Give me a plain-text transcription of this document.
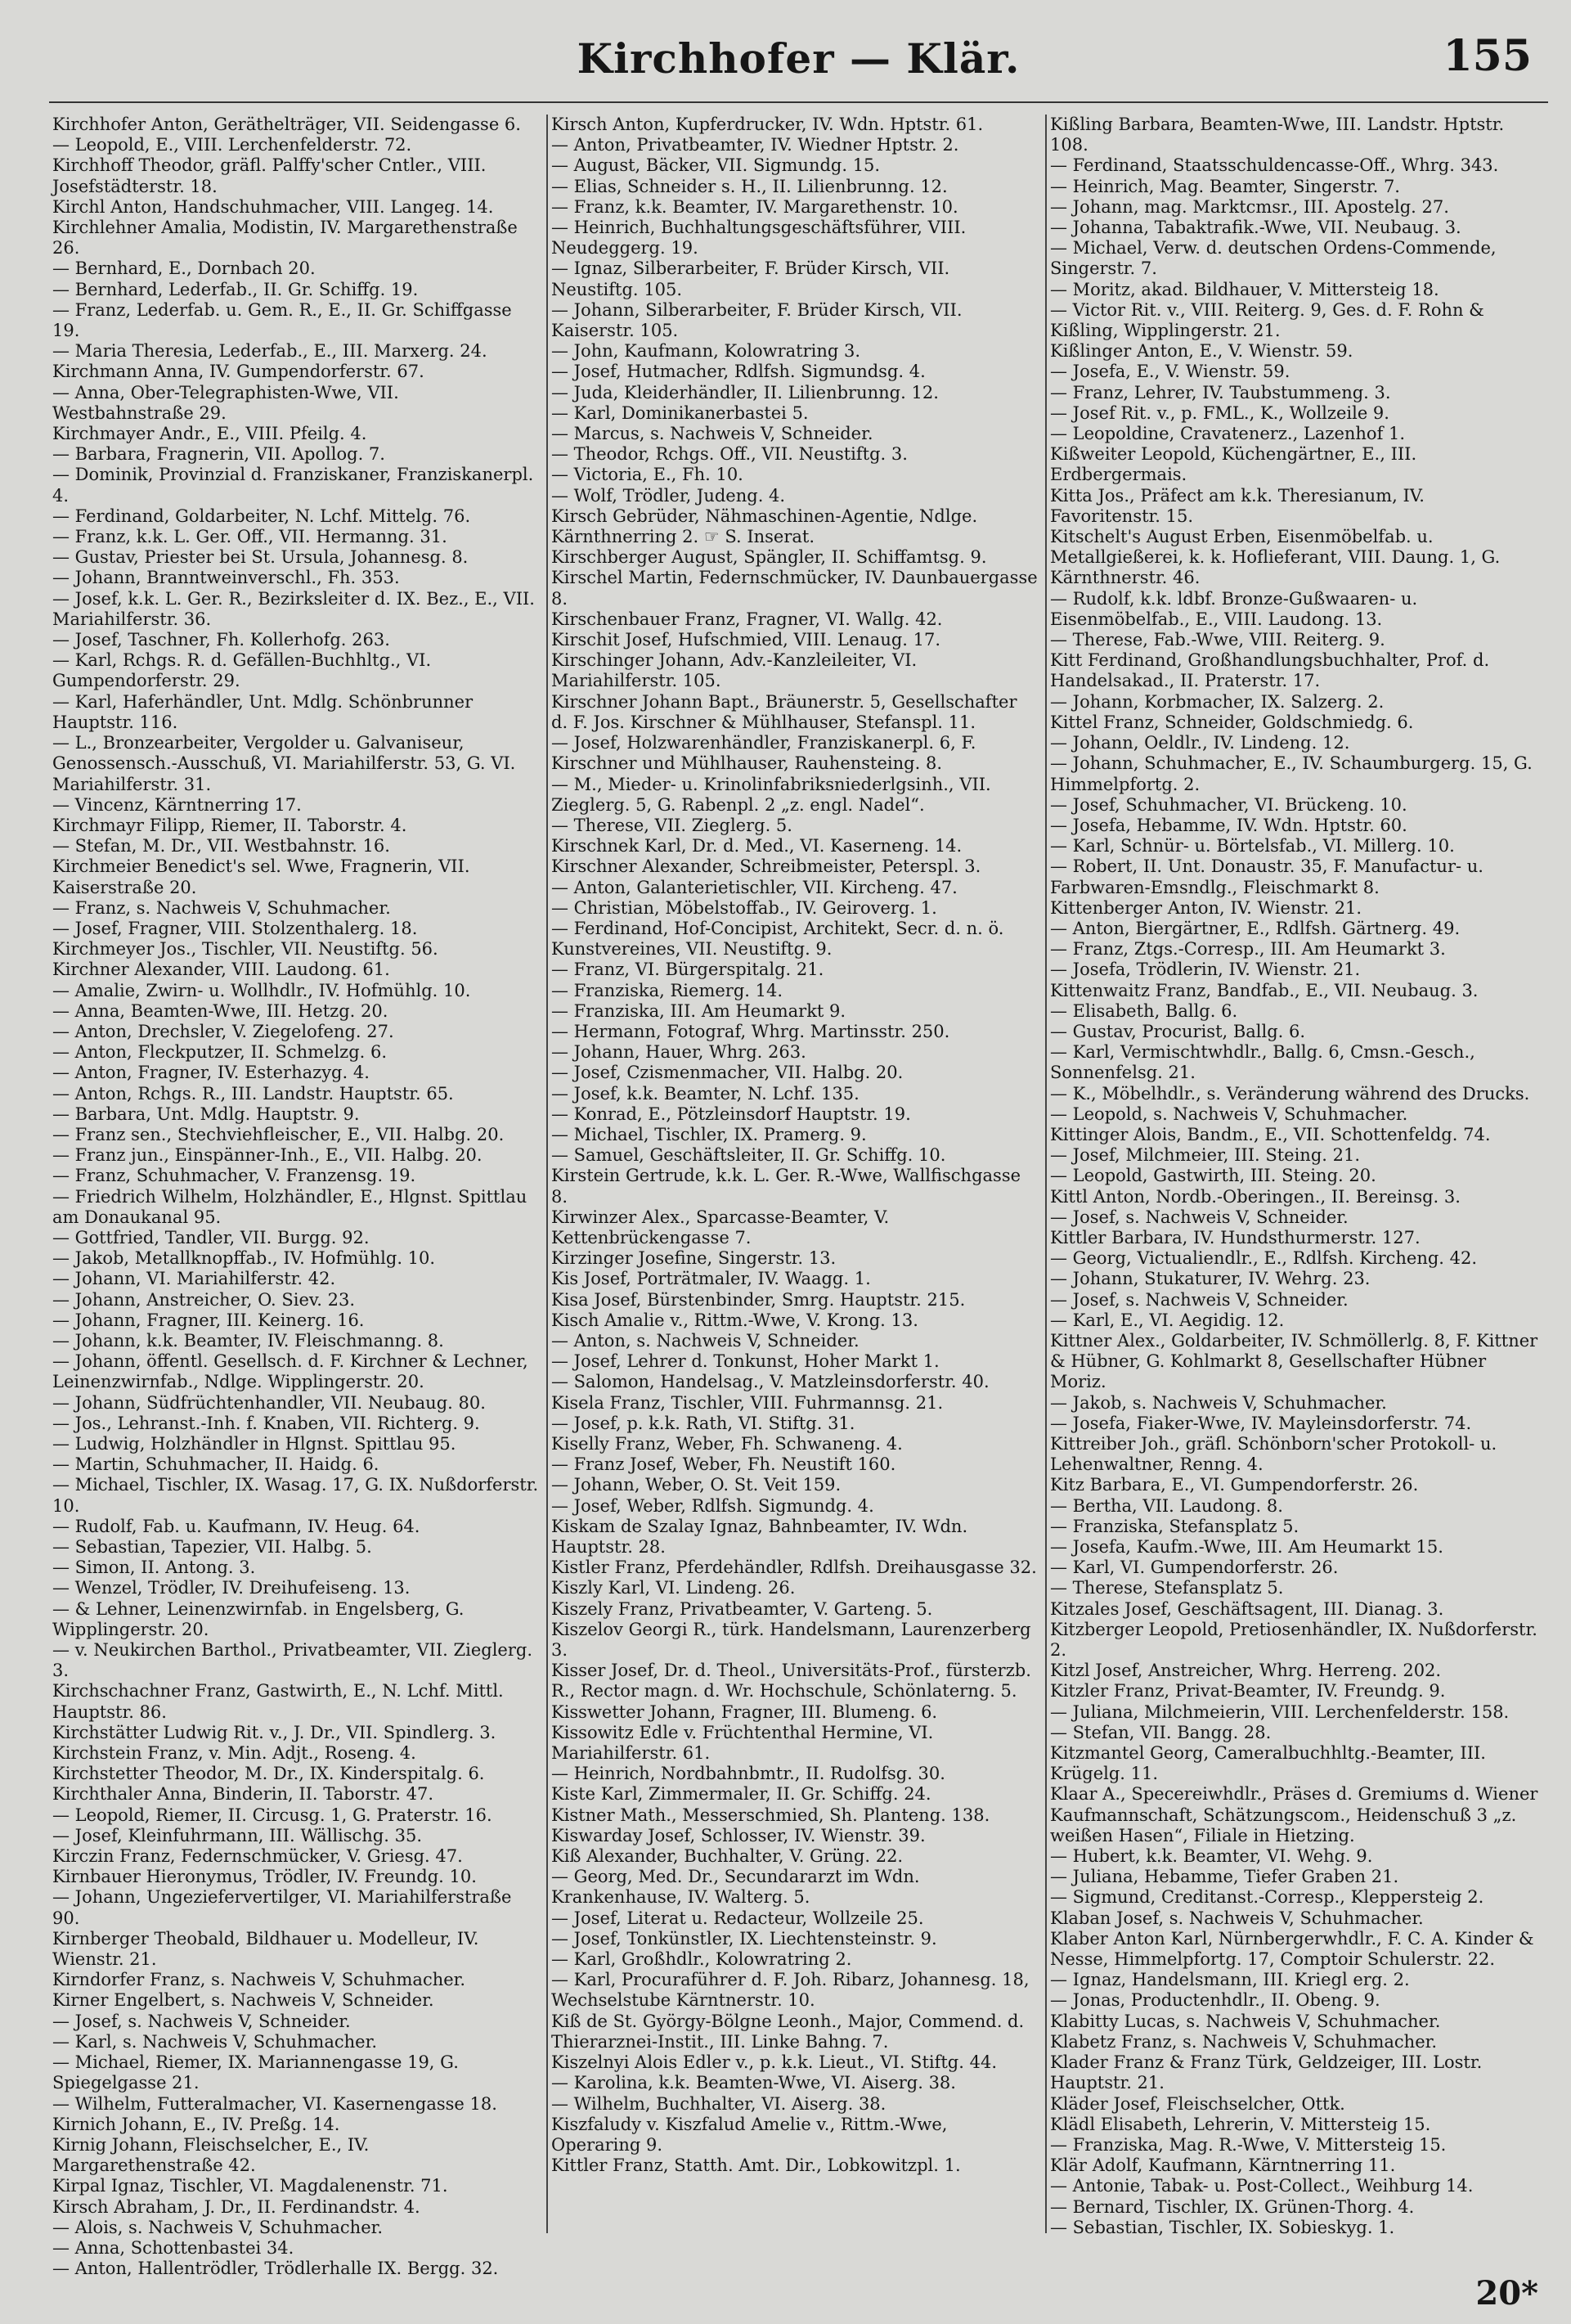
Kirchhofer — Klär.	155

Kirchhofer Anton, Geräthelträger, VII. Seidengasse 6.

— Leopold, E., VIII. Lerchenfelderstr. 72.

Kirchhoff Theodor, gräfl. Palffy'scher Cntler., VIII. Josefstädterstr. 18.

Kirchl Anton, Handschuhmacher, VIII. Langeg. 14.

Kirchlehner Amalia, Modistin, IV. Margarethenstraße 26.

— Bernhard, E., Dornbach 20.

— Bernhard, Lederfab., II. Gr. Schiffg. 19.

— Franz, Lederfab. u. Gem. R., E., II. Gr. Schiffgasse 19.

— Maria Theresia, Lederfab., E., III. Marxerg. 24.

Kirchmann Anna, IV. Gumpendorferstr. 67.

— Anna, Ober-Telegraphisten-Wwe, VII. Westbahnstraße 29.

Kirchmayer Andr., E., VIII. Pfeilg. 4.

— Barbara, Fragnerin, VII. Apollog. 7.

— Dominik, Provinzial d. Franziskaner, Franziskanerpl. 4.

— Ferdinand, Goldarbeiter, N. Lchf. Mittelg. 76.

— Franz, k.k. L. Ger. Off., VII. Hermanng. 31.

— Gustav, Priester bei St. Ursula, Johannesg. 8.

— Johann, Branntweinverschl., Fh. 353.

— Josef, k.k. L. Ger. R., Bezirksleiter d. IX. Bez., E., VII. Mariahilferstr. 36.

— Josef, Taschner, Fh. Kollerhofg. 263.

— Karl, Rchgs. R. d. Gefällen-Buchhltg., VI. Gumpendorferstr. 29.

— Karl, Haferhändler, Unt. Mdlg. Schönbrunner Hauptstr. 116.

— L., Bronzearbeiter, Vergolder u. Galvaniseur, Genossensch.-Ausschuß, VI. Mariahilferstr. 53, G. VI. Mariahilferstr. 31.

— Vincenz, Kärntnerring 17.

Kirchmayr Filipp, Riemer, II. Taborstr. 4.

— Stefan, M. Dr., VII. Westbahnstr. 16.

Kirchmeier Benedict's sel. Wwe, Fragnerin, VII. Kaiserstraße 20.

— Franz, s. Nachweis V, Schuhmacher.

— Josef, Fragner, VIII. Stolzenthalerg. 18.

Kirchmeyer Jos., Tischler, VII. Neustiftg. 56.

Kirchner Alexander, VIII. Laudong. 61.

— Amalie, Zwirn- u. Wollhdlr., IV. Hofmühlg. 10.

— Anna, Beamten-Wwe, III. Hetzg. 20.

— Anton, Drechsler, V. Ziegelofeng. 27.

— Anton, Fleckputzer, II. Schmelzg. 6.

— Anton, Fragner, IV. Esterhazyg. 4.

— Anton, Rchgs. R., III. Landstr. Hauptstr. 65.

— Barbara, Unt. Mdlg. Hauptstr. 9.

— Franz sen., Stechviehfleischer, E., VII. Halbg. 20.

— Franz jun., Einspänner-Inh., E., VII. Halbg. 20.

— Franz, Schuhmacher, V. Franzensg. 19.

— Friedrich Wilhelm, Holzhändler, E., Hlgnst. Spittlau am Donaukanal 95.

— Gottfried, Tandler, VII. Burgg. 92.

— Jakob, Metallknopffab., IV. Hofmühlg. 10.

— Johann, VI. Mariahilferstr. 42.

— Johann, Anstreicher, O. Siev. 23.

— Johann, Fragner, III. Keinerg. 16.

— Johann, k.k. Beamter, IV. Fleischmanng. 8.

— Johann, öffentl. Gesellsch. d. F. Kirchner & Lechner, Leinenzwirnfab., Ndlge. Wipplingerstr. 20.

— Johann, Südfrüchtenhandler, VII. Neubaug. 80.

— Jos., Lehranst.-Inh. f. Knaben, VII. Richterg. 9.

— Ludwig, Holzhändler in Hlgnst. Spittlau 95.

— Martin, Schuhmacher, II. Haidg. 6.

— Michael, Tischler, IX. Wasag. 17, G. IX. Nußdorferstr. 10.

— Rudolf, Fab. u. Kaufmann, IV. Heug. 64.

— Sebastian, Tapezier, VII. Halbg. 5.

— Simon, II. Antong. 3.

— Wenzel, Trödler, IV. Dreihufeiseng. 13.

— & Lehner, Leinenzwirnfab. in Engelsberg, G. Wipplingerstr. 20.

— v. Neukirchen Barthol., Privatbeamter, VII. Zieglerg. 3.

Kirchschachner Franz, Gastwirth, E., N. Lchf. Mittl. Hauptstr. 86.

Kirchstätter Ludwig Rit. v., J. Dr., VII. Spindlerg. 3.

Kirchstein Franz, v. Min. Adjt., Roseng. 4.

Kirchstetter Theodor, M. Dr., IX. Kinderspitalg. 6.

Kirchthaler Anna, Binderin, II. Taborstr. 47.

— Leopold, Riemer, II. Circusg. 1, G. Praterstr. 16.

— Josef, Kleinfuhrmann, III. Wällischg. 35.

Kirczin Franz, Federnschmücker, V. Griesg. 47.

Kirnbauer Hieronymus, Trödler, IV. Freundg. 10.

— Johann, Ungeziefervertilger, VI. Mariahilferstraße 90.

Kirnberger Theobald, Bildhauer u. Modelleur, IV. Wienstr. 21.

Kirndorfer Franz, s. Nachweis V, Schuhmacher.

Kirner Engelbert, s. Nachweis V, Schneider.

— Josef, s. Nachweis V, Schneider.

— Karl, s. Nachweis V, Schuhmacher.

— Michael, Riemer, IX. Mariannengasse 19, G. Spiegelgasse 21.

— Wilhelm, Futteralmacher, VI. Kasernengasse 18.

Kirnich Johann, E., IV. Preßg. 14.

Kirnig Johann, Fleischselcher, E., IV. Margarethenstraße 42.

Kirpal Ignaz, Tischler, VI. Magdalenenstr. 71.

Kirsch Abraham, J. Dr., II. Ferdinandstr. 4.

— Alois, s. Nachweis V, Schuhmacher.

— Anna, Schottenbastei 34.

— Anton, Hallentrödler, Trödlerhalle IX. Bergg. 32.

Kirsch Anton, Kupferdrucker, IV. Wdn. Hptstr. 61.

— Anton, Privatbeamter, IV. Wiedner Hptstr. 2.

— August, Bäcker, VII. Sigmundg. 15.

— Elias, Schneider s. H., II. Lilienbrunng. 12.

— Franz, k.k. Beamter, IV. Margarethenstr. 10.

— Heinrich, Buchhaltungsgeschäftsführer, VIII. Neudeggerg. 19.

— Ignaz, Silberarbeiter, F. Brüder Kirsch, VII. Neustiftg. 105.

— Johann, Silberarbeiter, F. Brüder Kirsch, VII. Kaiserstr. 105.

— John, Kaufmann, Kolowratring 3.

— Josef, Hutmacher, Rdlfsh. Sigmundsg. 4.

— Juda, Kleiderhändler, II. Lilienbrunng. 12.

— Karl, Dominikanerbastei 5.

— Marcus, s. Nachweis V, Schneider.

— Theodor, Rchgs. Off., VII. Neustiftg. 3.

— Victoria, E., Fh. 10.

— Wolf, Trödler, Judeng. 4.

Kirsch Gebrüder, Nähmaschinen-Agentie, Ndlge. Kärnthnerring 2. ☞ S. Inserat.

Kirschberger August, Spängler, II. Schiffamtsg. 9.

Kirschel Martin, Federnschmücker, IV. Daunbauergasse 8.

Kirschenbauer Franz, Fragner, VI. Wallg. 42.

Kirschit Josef, Hufschmied, VIII. Lenaug. 17.

Kirschinger Johann, Adv.-Kanzleileiter, VI. Mariahilferstr. 105.

Kirschner Johann Bapt., Bräunerstr. 5, Gesellschafter d. F. Jos. Kirschner & Mühlhauser, Stefanspl. 11.

— Josef, Holzwarenhändler, Franziskanerpl. 6, F. Kirschner und Mühlhauser, Rauhensteing. 8.

— M., Mieder- u. Krinolinfabriksniederlgsinh., VII. Zieglerg. 5, G. Rabenpl. 2 „z. engl. Nadel“.

— Therese, VII. Zieglerg. 5.

Kirschnek Karl, Dr. d. Med., VI. Kaserneng. 14.

Kirschner Alexander, Schreibmeister, Peterspl. 3.

— Anton, Galanterietischler, VII. Kircheng. 47.

— Christian, Möbelstoffab., IV. Geiroverg. 1.

— Ferdinand, Hof-Concipist, Architekt, Secr. d. n. ö. Kunstvereines, VII. Neustiftg. 9.

— Franz, VI. Bürgerspitalg. 21.

— Franziska, Riemerg. 14.

— Franziska, III. Am Heumarkt 9.

— Hermann, Fotograf, Whrg. Martinsstr. 250.

— Johann, Hauer, Whrg. 263.

— Josef, Czismenmacher, VII. Halbg. 20.

— Josef, k.k. Beamter, N. Lchf. 135.

— Konrad, E., Pötzleinsdorf Hauptstr. 19.

— Michael, Tischler, IX. Pramerg. 9.

— Samuel, Geschäftsleiter, II. Gr. Schiffg. 10.

Kirstein Gertrude, k.k. L. Ger. R.-Wwe, Wallfischgasse 8.

Kirwinzer Alex., Sparcasse-Beamter, V. Kettenbrückengasse 7.

Kirzinger Josefine, Singerstr. 13.

Kis Josef, Porträtmaler, IV. Waagg. 1.

Kisa Josef, Bürstenbinder, Smrg. Hauptstr. 215.

Kisch Amalie v., Rittm.-Wwe, V. Krong. 13.

— Anton, s. Nachweis V, Schneider.

— Josef, Lehrer d. Tonkunst, Hoher Markt 1.

— Salomon, Handelsag., V. Matzleinsdorferstr. 40.

Kisela Franz, Tischler, VIII. Fuhrmannsg. 21.

— Josef, p. k.k. Rath, VI. Stiftg. 31.

Kiselly Franz, Weber, Fh. Schwaneng. 4.

— Franz Josef, Weber, Fh. Neustift 160.

— Johann, Weber, O. St. Veit 159.

— Josef, Weber, Rdlfsh. Sigmundg. 4.

Kiskam de Szalay Ignaz, Bahnbeamter, IV. Wdn. Hauptstr. 28.

Kistler Franz, Pferdehändler, Rdlfsh. Dreihausgasse 32.

Kiszly Karl, VI. Lindeng. 26.

Kiszely Franz, Privatbeamter, V. Garteng. 5.

Kiszelov Georgi R., türk. Handelsmann, Laurenzerberg 3.

Kisser Josef, Dr. d. Theol., Universitäts-Prof., fürsterzb. R., Rector magn. d. Wr. Hochschule, Schönlaterng. 5.

Kisswetter Johann, Fragner, III. Blumeng. 6.

Kissowitz Edle v. Früchtenthal Hermine, VI. Mariahilferstr. 61.

— Heinrich, Nordbahnbmtr., II. Rudolfsg. 30.

Kiste Karl, Zimmermaler, II. Gr. Schiffg. 24.

Kistner Math., Messerschmied, Sh. Planteng. 138.

Kiswarday Josef, Schlosser, IV. Wienstr. 39.

Kiß Alexander, Buchhalter, V. Grüng. 22.

— Georg, Med. Dr., Secundararzt im Wdn. Krankenhause, IV. Walterg. 5.

— Josef, Literat u. Redacteur, Wollzeile 25.

— Josef, Tonkünstler, IX. Liechtensteinstr. 9.

— Karl, Großhdlr., Kolowratring 2.

— Karl, Procuraführer d. F. Joh. Ribarz, Johannesg. 18, Wechselstube Kärntnerstr. 10.

Kiß de St. György-Bölgne Leonh., Major, Commend. d. Thierarznei-Instit., III. Linke Bahng. 7.

Kiszelnyi Alois Edler v., p. k.k. Lieut., VI. Stiftg. 44.

— Karolina, k.k. Beamten-Wwe, VI. Aiserg. 38.

— Wilhelm, Buchhalter, VI. Aiserg. 38.

Kiszfaludy v. Kiszfalud Amelie v., Rittm.-Wwe, Operaring 9.

Kittler Franz, Statth. Amt. Dir., Lobkowitzpl. 1.

Kißling Barbara, Beamten-Wwe, III. Landstr. Hptstr. 108.

— Ferdinand, Staatsschuldencasse-Off., Whrg. 343.

— Heinrich, Mag. Beamter, Singerstr. 7.

— Johann, mag. Marktcmsr., III. Apostelg. 27.

— Johanna, Tabaktrafik.-Wwe, VII. Neubaug. 3.

— Michael, Verw. d. deutschen Ordens-Commende, Singerstr. 7.

— Moritz, akad. Bildhauer, V. Mittersteig 18.

— Victor Rit. v., VIII. Reiterg. 9, Ges. d. F. Rohn & Kißling, Wipplingerstr. 21.

Kißlinger Anton, E., V. Wienstr. 59.

— Josefa, E., V. Wienstr. 59.

— Franz, Lehrer, IV. Taubstummeng. 3.

— Josef Rit. v., p. FML., K., Wollzeile 9.

— Leopoldine, Cravatenerz., Lazenhof 1.

Kißweiter Leopold, Küchengärtner, E., III. Erdbergermais.

Kitta Jos., Präfect am k.k. Theresianum, IV. Favoritenstr. 15.

Kitschelt's August Erben, Eisenmöbelfab. u. Metallgießerei, k. k. Hoflieferant, VIII. Daung. 1, G. Kärnthnerstr. 46.

— Rudolf, k.k. ldbf. Bronze-Gußwaaren- u. Eisenmöbelfab., E., VIII. Laudong. 13.

— Therese, Fab.-Wwe, VIII. Reiterg. 9.

Kitt Ferdinand, Großhandlungsbuchhalter, Prof. d. Handelsakad., II. Praterstr. 17.

— Johann, Korbmacher, IX. Salzerg. 2.

Kittel Franz, Schneider, Goldschmiedg. 6.

— Johann, Oeldlr., IV. Lindeng. 12.

— Johann, Schuhmacher, E., IV. Schaumburgerg. 15, G. Himmelpfortg. 2.

— Josef, Schuhmacher, VI. Brückeng. 10.

— Josefa, Hebamme, IV. Wdn. Hptstr. 60.

— Karl, Schnür- u. Börtelsfab., VI. Millerg. 10.

— Robert, II. Unt. Donaustr. 35, F. Manufactur- u. Farbwaren-Emsndlg., Fleischmarkt 8.

Kittenberger Anton, IV. Wienstr. 21.

— Anton, Biergärtner, E., Rdlfsh. Gärtnerg. 49.

— Franz, Ztgs.-Corresp., III. Am Heumarkt 3.

— Josefa, Trödlerin, IV. Wienstr. 21.

Kittenwaitz Franz, Bandfab., E., VII. Neubaug. 3.

— Elisabeth, Ballg. 6.

— Gustav, Procurist, Ballg. 6.

— Karl, Vermischtwhdlr., Ballg. 6, Cmsn.-Gesch., Sonnenfelsg. 21.

— K., Möbelhdlr., s. Veränderung während des Drucks.

— Leopold, s. Nachweis V, Schuhmacher.

Kittinger Alois, Bandm., E., VII. Schottenfeldg. 74.

— Josef, Milchmeier, III. Steing. 21.

— Leopold, Gastwirth, III. Steing. 20.

Kittl Anton, Nordb.-Oberingen., II. Bereinsg. 3.

— Josef, s. Nachweis V, Schneider.

Kittler Barbara, IV. Hundsthurmerstr. 127.

— Georg, Victualiendlr., E., Rdlfsh. Kircheng. 42.

— Johann, Stukaturer, IV. Wehrg. 23.

— Josef, s. Nachweis V, Schneider.

— Karl, E., VI. Aegidig. 12.

Kittner Alex., Goldarbeiter, IV. Schmöllerlg. 8, F. Kittner & Hübner, G. Kohlmarkt 8, Gesellschafter Hübner Moriz.

— Jakob, s. Nachweis V, Schuhmacher.

— Josefa, Fiaker-Wwe, IV. Mayleinsdorferstr. 74.

Kittreiber Joh., gräfl. Schönborn'scher Protokoll- u. Lehenwaltner, Renng. 4.

Kitz Barbara, E., VI. Gumpendorferstr. 26.

— Bertha, VII. Laudong. 8.

— Franziska, Stefansplatz 5.

— Josefa, Kaufm.-Wwe, III. Am Heumarkt 15.

— Karl, VI. Gumpendorferstr. 26.

— Therese, Stefansplatz 5.

Kitzales Josef, Geschäftsagent, III. Dianag. 3.

Kitzberger Leopold, Pretiosenhändler, IX. Nußdorferstr. 2.

Kitzl Josef, Anstreicher, Whrg. Herreng. 202.

Kitzler Franz, Privat-Beamter, IV. Freundg. 9.

— Juliana, Milchmeierin, VIII. Lerchenfelderstr. 158.

— Stefan, VII. Bangg. 28.

Kitzmantel Georg, Cameralbuchhltg.-Beamter, III. Krügelg. 11.

Klaar A., Specereiwhdlr., Präses d. Gremiums d. Wiener Kaufmannschaft, Schätzungscom., Heidenschuß 3 „z. weißen Hasen“, Filiale in Hietzing.

— Hubert, k.k. Beamter, VI. Wehg. 9.

— Juliana, Hebamme, Tiefer Graben 21.

— Sigmund, Creditanst.-Corresp., Kleppersteig 2.

Klaban Josef, s. Nachweis V, Schuhmacher.

Klaber Anton Karl, Nürnbergerwhdlr., F. C. A. Kinder & Nesse, Himmelpfortg. 17, Comptoir Schulerstr. 22.

— Ignaz, Handelsmann, III. Kriegl erg. 2.

— Jonas, Productenhdlr., II. Obeng. 9.

Klabitty Lucas, s. Nachweis V, Schuhmacher.

Klabetz Franz, s. Nachweis V, Schuhmacher.

Klader Franz & Franz Türk, Geldzeiger, III. Lostr. Hauptstr. 21.

Kläder Josef, Fleischselcher, Ottk.

Klädl Elisabeth, Lehrerin, V. Mittersteig 15.

— Franziska, Mag. R.-Wwe, V. Mittersteig 15.

Klär Adolf, Kaufmann, Kärntnerring 11.

— Antonie, Tabak- u. Post-Collect., Weihburg 14.

— Bernard, Tischler, IX. Grünen-Thorg. 4.

— Sebastian, Tischler, IX. Sobieskyg. 1.

20*
